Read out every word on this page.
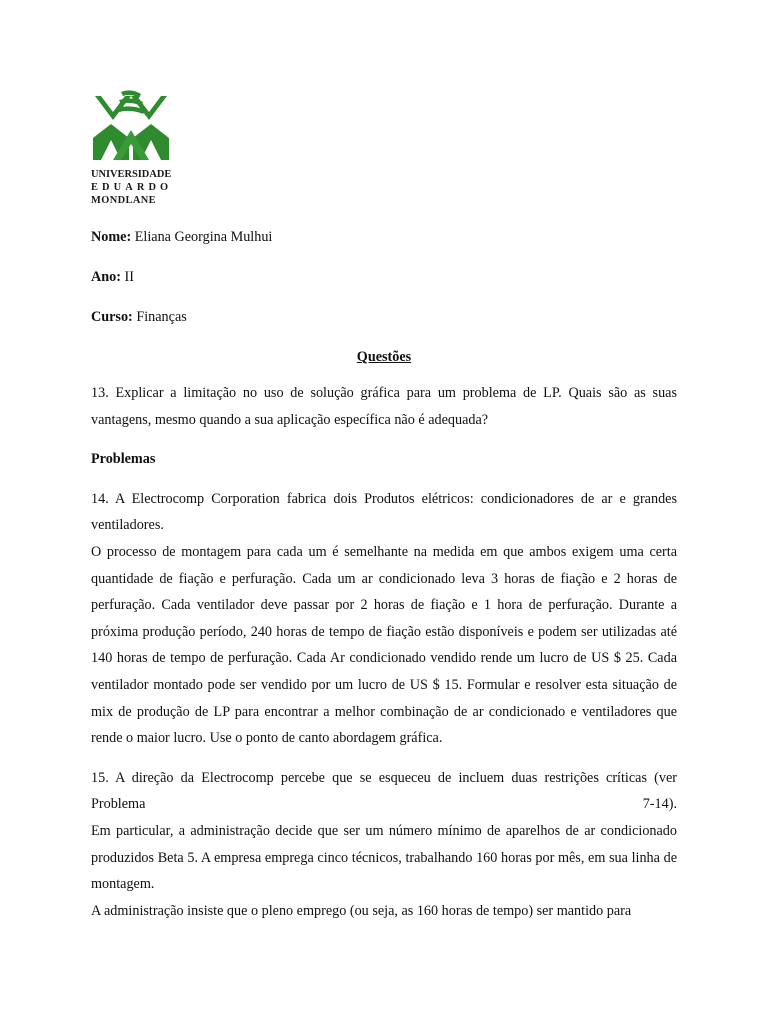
UNIVERSIDADE
EDUARDO
MONDLANE

Nome: Eliana Georgina Mulhui

Ano: II

Curso: Finanças

Questões

13. Explicar a limitação no uso de solução gráfica para um problema de LP. Quais são as suas vantagens, mesmo quando a sua aplicação específica não é adequada?

Problemas

14. A Electrocomp Corporation fabrica dois Produtos elétricos: condicionadores de ar e grandes ventiladores.

O processo de montagem para cada um é semelhante na medida em que ambos exigem uma certa quantidade de fiação e perfuração. Cada um ar condicionado leva 3 horas de fiação e 2 horas de perfuração. Cada ventilador deve passar por 2 horas de fiação e 1 hora de perfuração. Durante a próxima produção período, 240 horas de tempo de fiação estão disponíveis e podem ser utilizadas até 140 horas de tempo de perfuração. Cada Ar condicionado vendido rende um lucro de US $ 25. Cada ventilador montado pode ser vendido por um lucro de US $ 15. Formular e resolver esta situação de mix de produção de LP para encontrar a melhor combinação de ar condicionado e ventiladores que rende o maior lucro. Use o ponto de canto abordagem gráfica.

15. A direção da Electrocomp percebe que se esqueceu de incluem duas restrições críticas (ver Problema 7-14).

Em particular, a administração decide que ser um número mínimo de aparelhos de ar condicionado produzidos Beta 5. A empresa emprega cinco técnicos, trabalhando 160 horas por mês, em sua linha de montagem.

A administração insiste que o pleno emprego (ou seja, as 160 horas de tempo) ser mantido para
